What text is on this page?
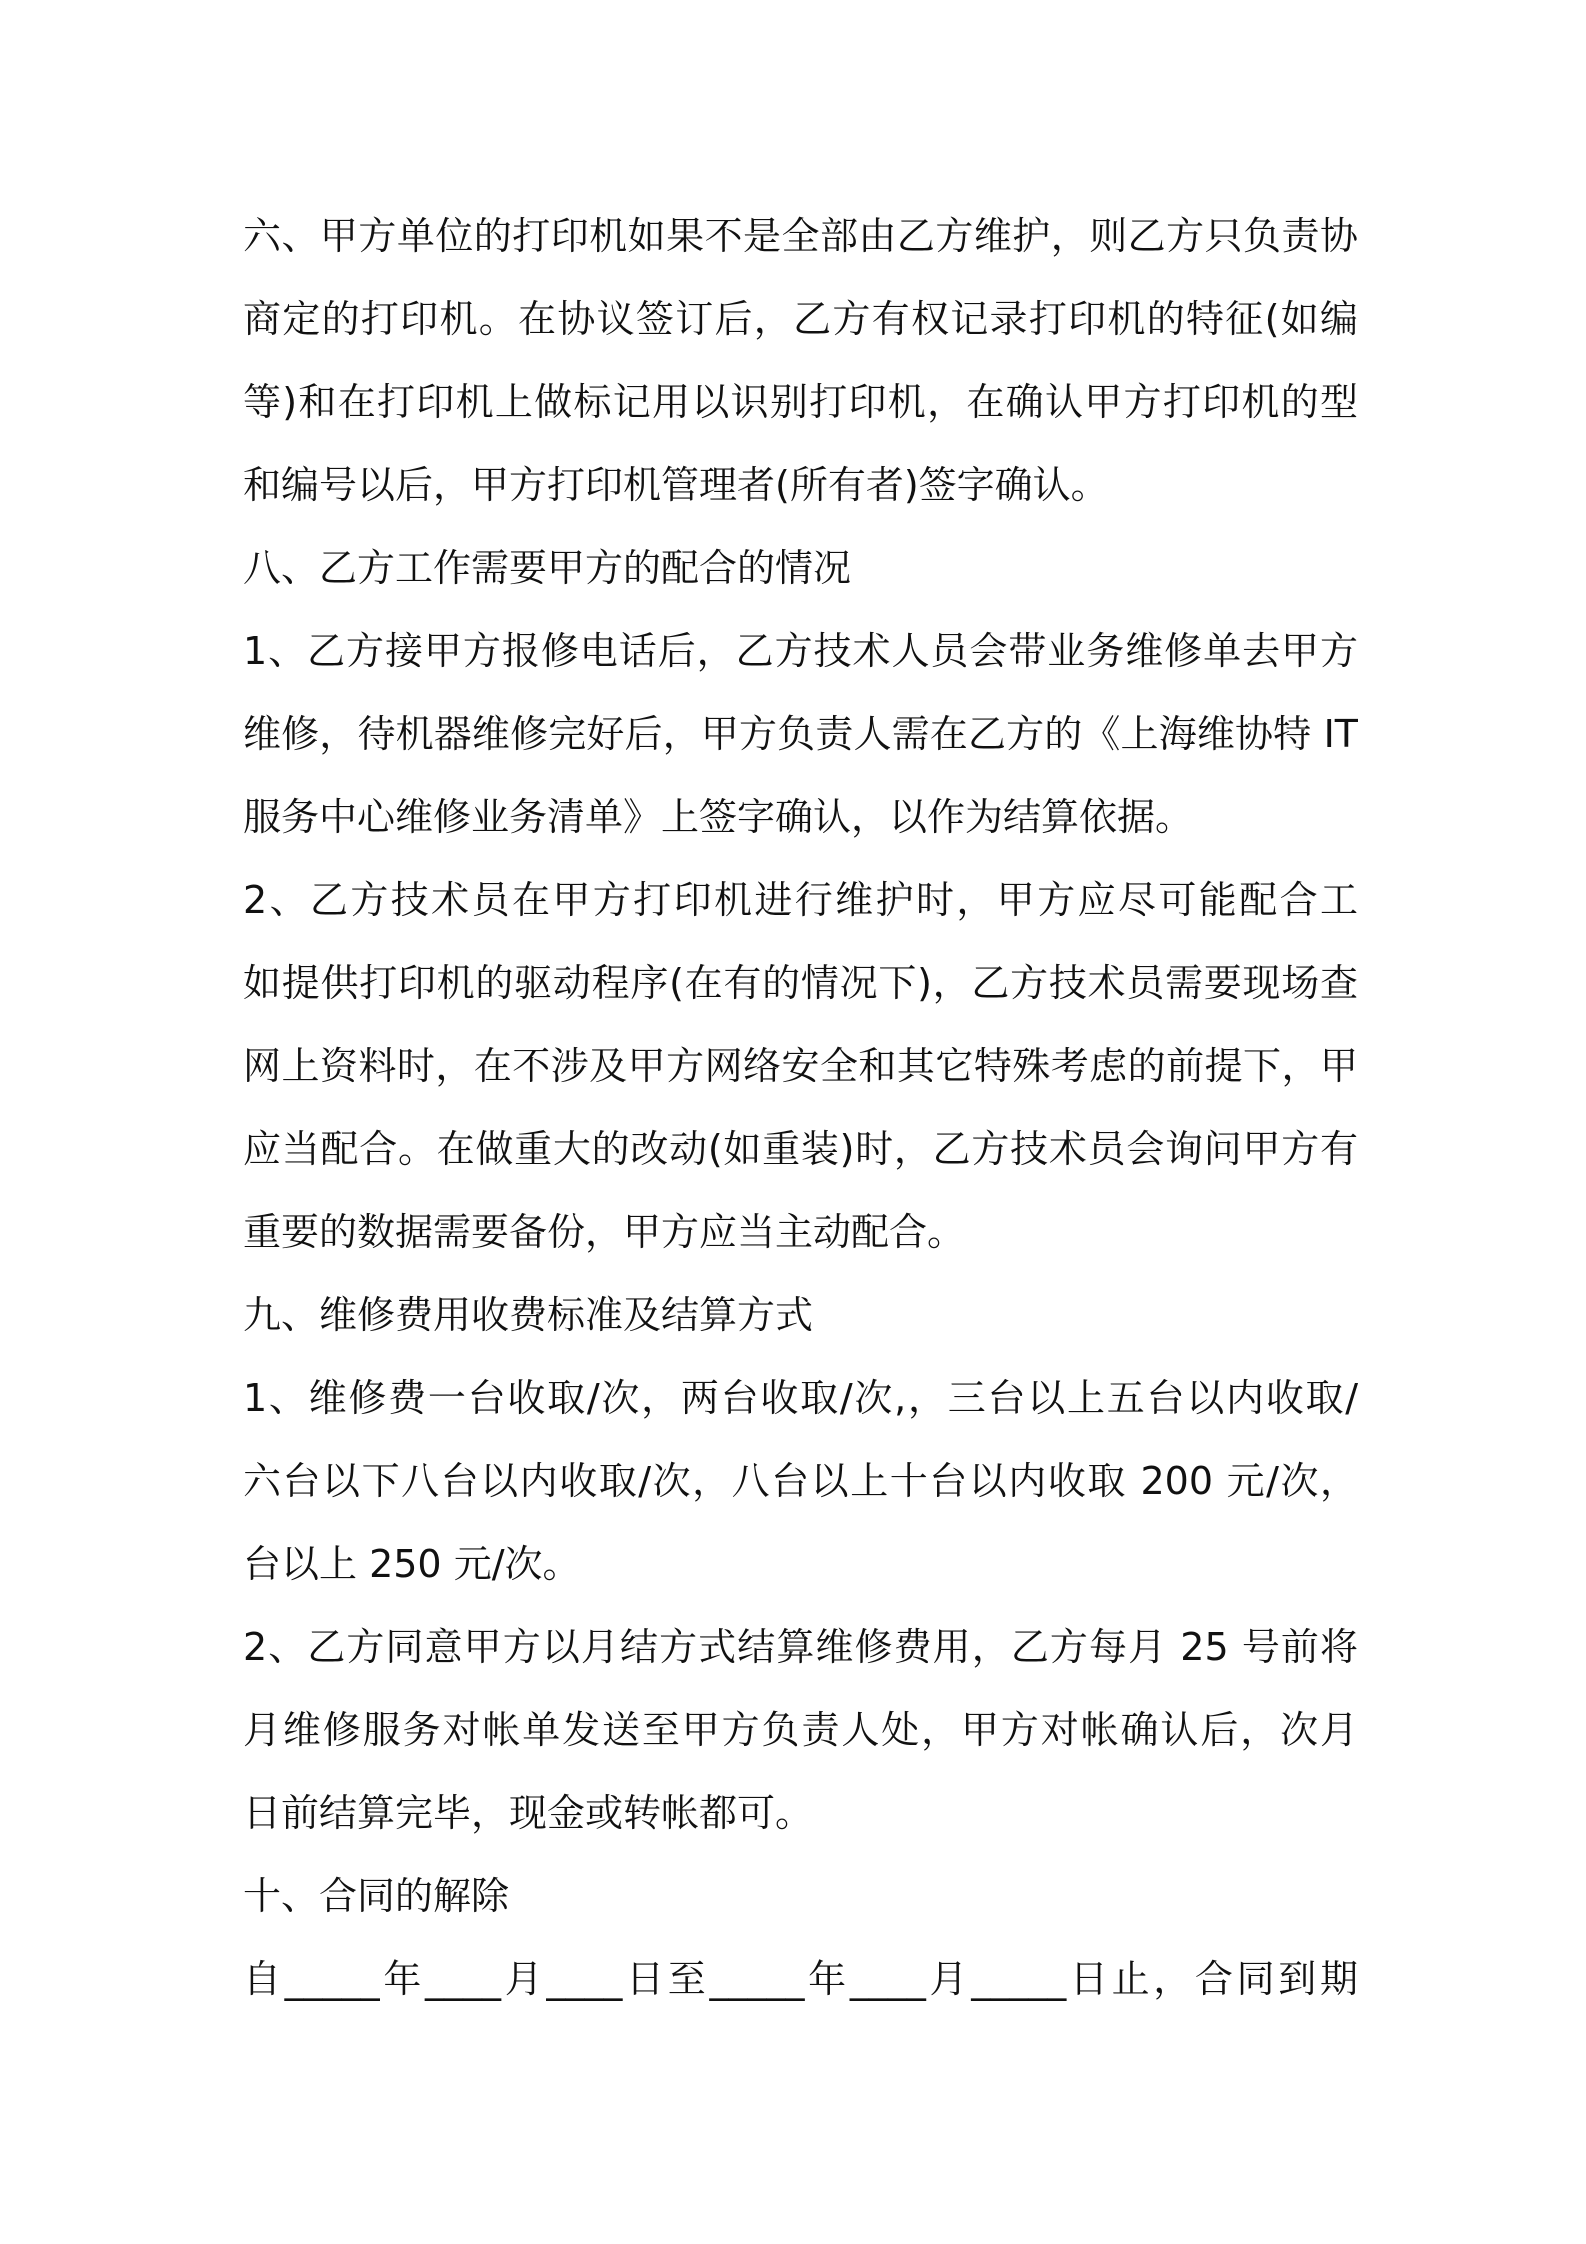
六、甲方单位的打印机如果不是全部由乙方维护，则乙方只负责协
商定的打印机。在协议签订后，乙方有权记录打印机的特征(如编
等)和在打印机上做标记用以识别打印机，在确认甲方打印机的型
和编号以后，甲方打印机管理者(所有者)签字确认。
八、乙方工作需要甲方的配合的情况
1、乙方接甲方报修电话后，乙方技术人员会带业务维修单去甲方
维修，待机器维修完好后，甲方负责人需在乙方的《上海维协特 IT
服务中心维修业务清单》上签字确认，以作为结算依据。
2、乙方技术员在甲方打印机进行维护时，甲方应尽可能配合工
如提供打印机的驱动程序(在有的情况下)，乙方技术员需要现场查
网上资料时，在不涉及甲方网络安全和其它特殊考虑的前提下，甲
应当配合。在做重大的改动(如重装)时，乙方技术员会询问甲方有
重要的数据需要备份，甲方应当主动配合。
九、维修费用收费标准及结算方式
1、维修费一台收取/次，两台收取/次,，三台以上五台以内收取/
六台以下八台以内收取/次，八台以上十台以内收取 200 元/次，
台以上 250 元/次。
2、乙方同意甲方以月结方式结算维修费用，乙方每月 25 号前将
月维修服务对帐单发送至甲方负责人处，甲方对帐确认后，次月
日前结算完毕，现金或转帐都可。
十、合同的解除
自_____年____月____日至_____年____月_____日止，合同到期
